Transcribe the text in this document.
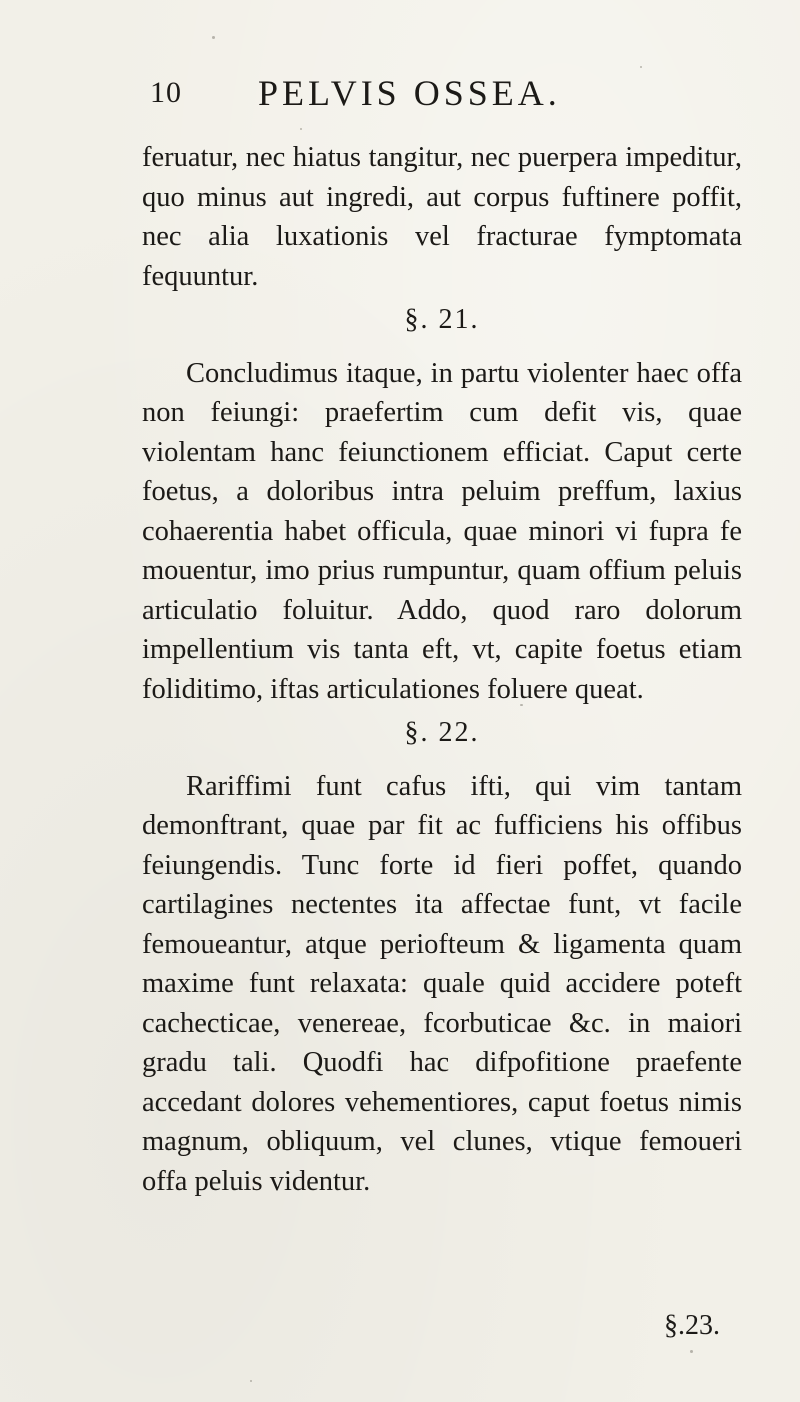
10 PELVIS OSSEA.

feruatur, nec hiatus tangitur, nec puerpera impeditur, quo minus aut ingredi, aut corpus fuftinere poffit, nec alia luxationis vel fracturae fymptomata fequuntur.

§. 21.

Concludimus itaque, in partu violenter haec offa non feiungi: praefertim cum defit vis, quae violentam hanc feiunctionem efficiat. Caput certe foetus, a doloribus intra peluim preffum, laxius cohaerentia habet officula, quae minori vi fupra fe mouentur, imo prius rumpuntur, quam offium peluis articulatio foluitur. Addo, quod raro dolorum impellentium vis tanta eft, vt, capite foetus etiam foliditimo, iftas articulationes foluere queat.

§. 22.

Rariffimi funt cafus ifti, qui vim tantam demonftrant, quae par fit ac fufficiens his offibus feiungendis. Tunc forte id fieri poffet, quando cartilagines nectentes ita affectae funt, vt facile femoueantur, atque periofteum & ligamenta quam maxime funt relaxata: quale quid accidere poteft cachecticae, venereae, fcorbuticae &c. in maiori gradu tali. Quodfi hac difpofitione praefente accedant dolores vehementiores, caput foetus nimis magnum, obliquum, vel clunes, vtique femoueri offa peluis videntur.

§.23.
